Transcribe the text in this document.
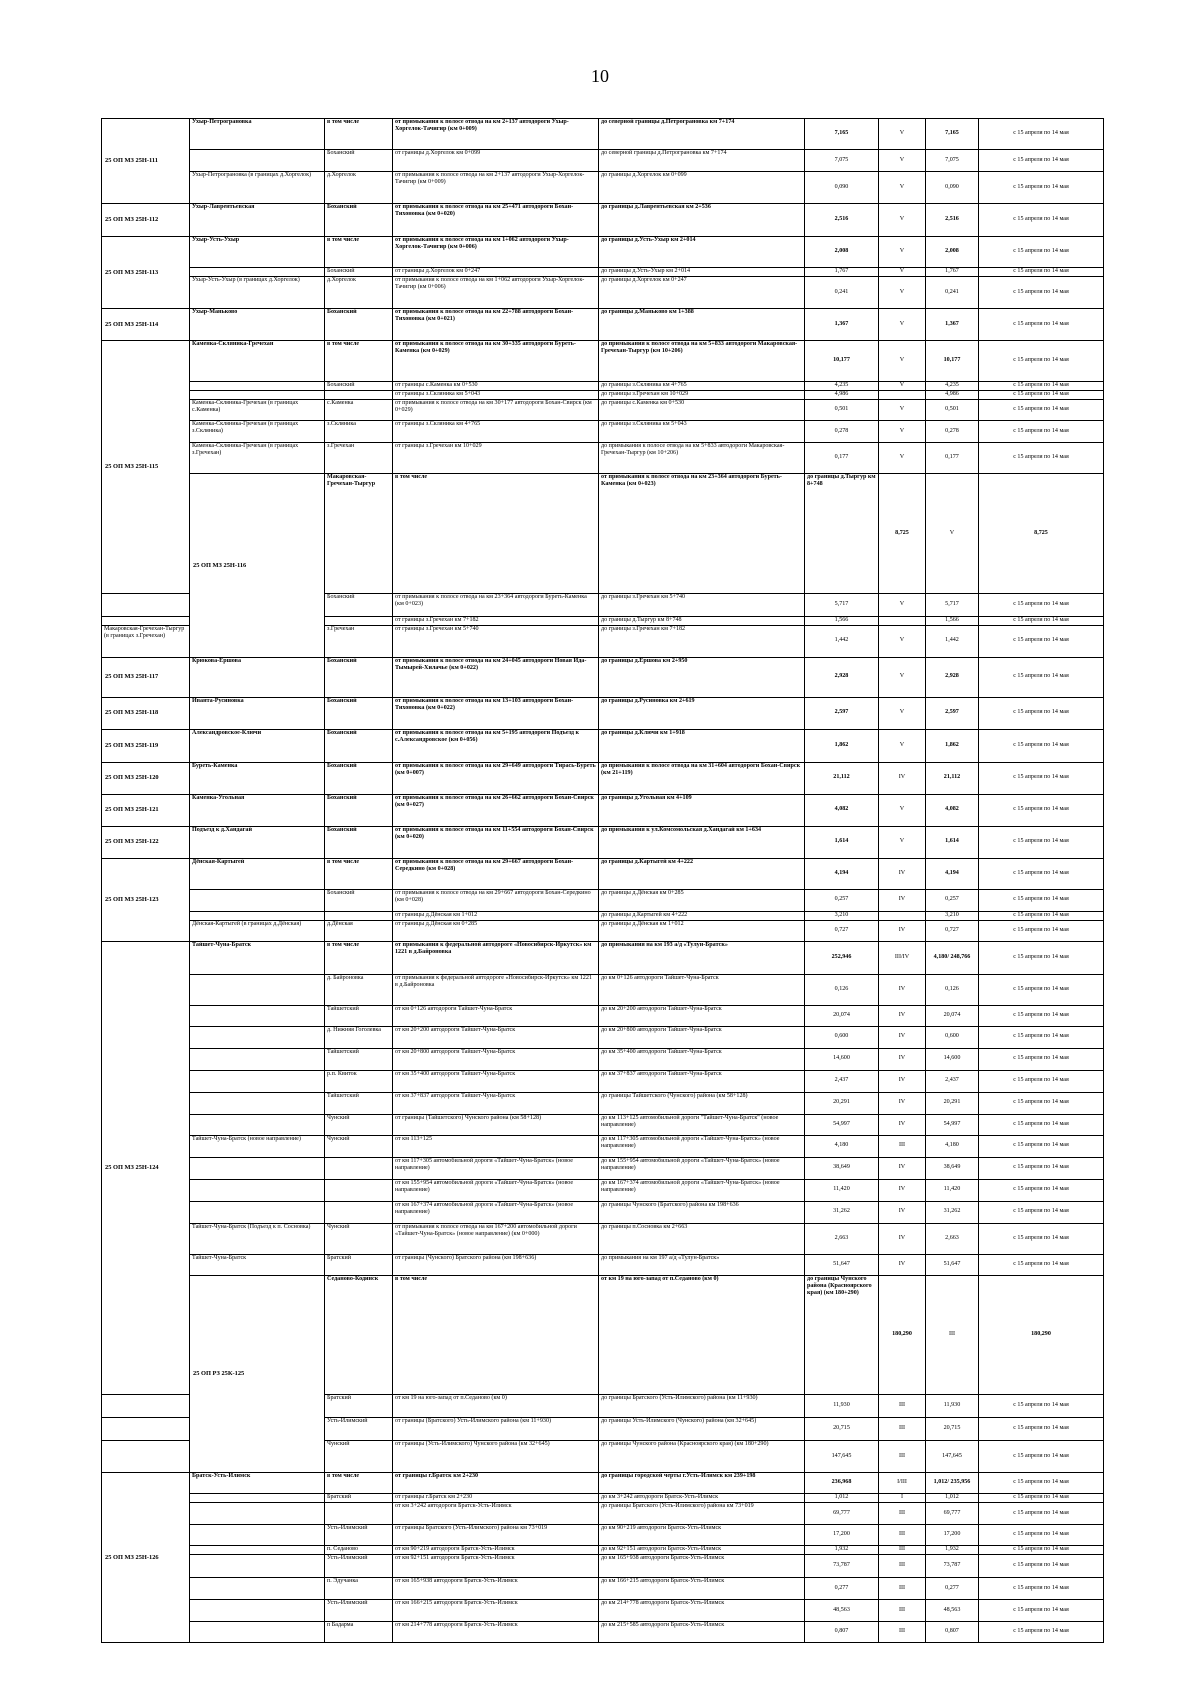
10
25 ОП МЗ 25Н-111	Ухыр-Петрограновка	в том числе	от примыкания к полосе отвода на км 2+137 автодороги Ухыр-Хоргелок-Тачигир (км 0+009)	до северной границы д.Петрограновка км 7+174	7,165	V	7,165	с 15 апреля по 14 мая	
		Боханский	от границы д.Хоргелок км 0+099	до северной границы д.Петрограновка км 7+174	7,075	V	7,075	с 15 апреля по 14 мая	
	Ухыр-Петрограновка (в границах д.Хоргелок)	д.Хоргелок	от примыкания к полосе отвода на км 2+137 автодороги Ухыр-Хоргелок-Тачигир (км 0+009)	до границы д.Хоргелок км 0+099	0,090	V	0,090	с 15 апреля по 14 мая	
25 ОП МЗ 25Н-112	Ухыр-Лаврентьевская	Боханский	от примыкания к полосе отвода на км 25+471 автодороги Бохан-Тихоновка (км 0+020)	до границы д.Лаврентьевская км 2+536	2,516	V	2,516	с 15 апреля по 14 мая	
25 ОП МЗ 25Н-113	Ухыр-Усть-Ухыр	в том числе	от примыкания к полосе отвода на км 1+062 автодороги Ухыр-Хоргелок-Тачигир (км 0+006)	до границы д.Усть-Ухыр км 2+014	2,008	V	2,008	с 15 апреля по 14 мая	
		Боханский	от границы д.Хоргелок км 0+247	до границы д.Усть-Ухыр км 2+014	1,767	V	1,767	с 15 апреля по 14 мая	
	Ухыр-Усть-Ухыр (в границах д.Хоргелок)	д.Хоргелок	от примыкания к полосе отвода на км 1+062 автодороги Ухыр-Хоргелок-Тачигир (км 0+006)	до границы д.Хоргелок км 0+247	0,241	V	0,241	с 15 апреля по 14 мая	
25 ОП МЗ 25Н-114	Ухыр-Маньково	Боханский	от примыкания к полосе отвода на км 22+788 автодороги Бохан-Тихоновка (км 0+021)	до границы д.Маньково км 1+388	1,367	V	1,367	с 15 апреля по 14 мая	
25 ОП МЗ 25Н-115	Каменка-Скляника-Гречехан	в том числе	от примыкания к полосе отвода на км 30+335 автодороги Буреть-Каменка (км 0+029)	до примыкания к полосе отвода на км 5+833 автодороги Макаровская-Гречехан-Тыргур (км 10+206)	10,177	V	10,177	с 15 апреля по 14 мая	
		Боханский	от границы с.Каменка км 0+530	до границы з.Скляника км 4+765	4,235	V	4,235	с 15 апреля по 14 мая	
			от границы з.Скляника км 5+043	до границы з.Гречехан км 10+029	4,986		4,986	с 15 апреля по 14 мая	
	Каменка-Скляника-Гречехан (в границах с.Каменка)	с.Каменка	от примыкания к полосе отвода на км 30+177 автодороги Бохан-Свирск (км 0+029)	до границы с.Каменка км 0+530	0,501	V	0,501	с 15 апреля по 14 мая	
	Каменка-Скляника-Гречехан (в границах з.Скляника)	з.Скляника	от границы з.Скляника км 4+765	до границы з.Скляника км 5+043	0,278	V	0,278	с 15 апреля по 14 мая	
	Каменка-Скляника-Гречехан (в границах з.Гречехан)	з.Гречехан	от границы з.Гречехан км 10+029	до примыкания к полосе отвода на км 5+833 автодороги Макаровская-Гречехан-Тыргур (км 10+206)	0,177	V	0,177	с 15 апреля по 14 мая	
	25 ОП МЗ 25Н-116	Макаровская-Гречехан-Тыргур	в том числе	от примыкания к полосе отвода на км 23+364 автодороги Буреть-Каменка (км 0+023)	до границы д.Тыргур км 8+748	8,725	V	8,725	
		Боханский	от примыкания к полосе отвода на км 23+364 автодороги Буреть-Каменка (км 0+023)	до границы з.Гречехан км 5+740	5,717	V	5,717	с 15 апреля по 14 мая	
			от границы з.Гречехан км 7+182	до границы д.Тыргур км 8+748	1,566		1,566	с 15 апреля по 14 мая	
Макаровская-Гречехан-Тыргур (в границах з.Гречехан)		з.Гречехан	от границы з.Гречехан км 5+740	до границы з.Гречехан км 7+182	1,442	V	1,442	с 15 апреля по 14 мая	
25 ОП МЗ 25Н-117	Крюкова-Ершова	Боханский	от примыкания к полосе отвода на км 24+045 автодороги Новая Ида-Тымырей-Хилачье (км 0+022)	до границы д.Ершова км 2+950	2,928	V	2,928	с 15 апреля по 14 мая	
25 ОП МЗ 25Н-118	Иванта-Русиновка	Боханский	от примыкания к полосе отвода на км 13+103 автодороги Бохан-Тихоновка (км 0+022)	до границы д.Русиновка км 2+619	2,597	V	2,597	с 15 апреля по 14 мая	
25 ОП МЗ 25Н-119	Александровское-Ключи	Боханский	от примыкания к полосе отвода на км 5+195 автодороги Подъезд к с.Александровское (км 0+056)	до границы д.Ключи км 1+918	1,862	V	1,862	с 15 апреля по 14 мая	
25 ОП МЗ 25Н-120	Буреть-Каменка	Боханский	от примыкания к полосе отвода на км 29+649 автодороги Тирась-Буреть (км 0+007)	до примыкания к полосе отвода на км 31+604 автодороги Бохан-Свирск (км 21+119)	21,112	IV	21,112	с 15 апреля по 14 мая	
25 ОП МЗ 25Н-121	Каменка-Угольная	Боханский	от примыкания к полосе отвода на км 26+662 автодороги Бохан-Свирск (км 0+027)	до границы д.Угольная км 4+109	4,082	V	4,082	с 15 апреля по 14 мая	
25 ОП МЗ 25Н-122	Подъезд к д.Хандагай	Боханский	от примыкания к полосе отвода на км 11+554 автодороги Бохан-Свирск (км 0+020)	до примыкания к ул.Комсомольская д.Хандагай км 1+634	1,614	V	1,614	с 15 апреля по 14 мая	
25 ОП МЗ 25Н-123	Дёнская-Картыгей	в том числе	от примыкания к полосе отвода на км 29+667 автодороги Бохан-Середкино (км 0+028)	до границы д.Картыгей км 4+222	4,194	IV	4,194	с 15 апреля по 14 мая	
		Боханский	от примыкания к полосе отвода на км 29+667 автодороги Бохан-Середкино (км 0+028)	до границы д.Дёнская км 0+285	0,257	IV	0,257	с 15 апреля по 14 мая	
			от границы д.Дёнская км 1+012	до границы д.Картыгей км 4+222	3,210		3,210	с 15 апреля по 14 мая	
	Дёнская-Картыгей (в границах д.Дёнская)	д.Дёнская	от границы д.Дёнская км 0+285	до границы д.Дёнская км 1+012	0,727	IV	0,727	с 15 апреля по 14 мая	
25 ОП МЗ 25Н-124	Тайшет-Чуна-Братск	в том числе	от примыкания к федеральной автодороге «Новосибирск-Иркутск» км 1221 в д.Байроновка	до примыкания на км 193 а/д «Тулун-Братск»	252,946	III/IV	4,180/ 248,766	с 15 апреля по 14 мая	
		д. Байроновка	от примыкания к федеральной автодороге «Новосибирск-Иркутск» км 1221 в д.Байроновка	до км 0+126 автодороги Тайшет-Чуна-Братск	0,126	IV	0,126	с 15 апреля по 14 мая	
		Тайшетский	от км 0+126 автодороги Тайшет-Чуна-Братск	до км 20+200 автодороги Тайшет-Чуна-Братск	20,074	IV	20,074	с 15 апреля по 14 мая	
		д. Нижняя Гоголевка	от км 20+200 автодороги Тайшет-Чуна-Братск	до км 20+800 автодороги Тайшет-Чуна-Братск	0,600	IV	0,600	с 15 апреля по 14 мая	
		Тайшетский	от км 20+800 автодороги Тайшет-Чуна-Братск	до км 35+400 автодороги Тайшет-Чуна-Братск	14,600	IV	14,600	с 15 апреля по 14 мая	
		р.п. Квиток	от км 35+400 автодороги Тайшет-Чуна-Братск	до км 37+837 автодороги Тайшет-Чуна-Братск	2,437	IV	2,437	с 15 апреля по 14 мая	
		Тайшетский	от км 37+837 автодороги Тайшет-Чуна-Братск	до границы Тайшетского (Чунского) района (км 58+128)	20,291	IV	20,291	с 15 апреля по 14 мая	
		Чунский	от границы (Тайшетского) Чунского района (км 58+128)	до км 113+125 автомобильной дороги "Тайшет-Чуна-Братск" (новое направление)	54,997	IV	54,997	с 15 апреля по 14 мая	
	Тайшет-Чуна-Братск (новое направление)	Чунский	от км 113+125	до км 117+305 автомобильной дороги «Тайшет-Чуна-Братск» (новое направление)	4,180	III	4,180	с 15 апреля по 14 мая	
			от км 117+305 автомобильной дороги «Тайшет-Чуна-Братск» (новое направление)	до км 155+954 автомобильной дороги «Тайшет-Чуна-Братск» (новое направление)	38,649	IV	38,649	с 15 апреля по 14 мая	
			от км 155+954 автомобильной дороги «Тайшет-Чуна-Братск» (новое направление)	до км 167+374 автомобильной дороги «Тайшет-Чуна-Братск» (новое направление)	11,420	IV	11,420	с 15 апреля по 14 мая	
			от км 167+374 автомобильной дороги «Тайшет-Чуна-Братск» (новое направление)	до границы Чунского (Братского) района км 198+636	31,262	IV	31,262	с 15 апреля по 14 мая	
	Тайшет-Чуна-Братск (Подъезд к п. Сосновка)	Чунский	от примыкания к полосе отвода на км 167+200 автомобильной дороги «Тайшет-Чуна-Братск» (новое направление) (км 0+000)	до границы п.Сосновка км 2+663	2,663	IV	2,663	с 15 апреля по 14 мая	
	Тайшет-Чуна-Братск	Братский	от границы (Чунского) Братского района (км 198+636)	до примыкания на км 197 а/д «Тулун-Братск»	51,647	IV	51,647	с 15 апреля по 14 мая	
	25 ОП РЗ 25К-125	Седаново-Кодинск	в том числе	от км 19 на юго-запад от п.Седаново (км 0)	до границы Чунского района (Красноярского края) (км 180+290)	180,290	III	180,290	
		Братский	от км 19 на юго-запад от п.Седаново (км 0)	до границы Братского (Усть-Илимского) района (км 11+930)	11,930	III	11,930	с 15 апреля по 14 мая	
		Усть-Илимский	от границы (Братского) Усть-Илимского района (км 11+930)	до границы Усть-Илимского (Чунского) района (км 32+645)	20,715	III	20,715	с 15 апреля по 14 мая	
		Чунский	от границы (Усть-Илимского) Чунского района (км 32+645)	до границы Чунского района (Красноярского края) (км 180+290)	147,645	III	147,645	с 15 апреля по 14 мая	
25 ОП МЗ 25Н-126	Братск-Усть-Илимск	в том числе	от границы г.Братск км 2+230	до границы городской черты г.Усть-Илимск км 239+198	236,968	I/III	1,012/ 235,956	с 15 апреля по 14 мая	
		Братский	от границы г.Братск км 2+230	до км 3+242 автодороги Братск-Усть-Илимск	1,012	I	1,012	с 15 апреля по 14 мая	
			от км 3+242 автодороги Братск-Усть-Илимск	до границы Братского (Усть-Илимского) района км 73+019	69,777	III	69,777	с 15 апреля по 14 мая	
		Усть-Илимский	от границы Братского (Усть-Илимского) района км 73+019	до км 90+219 автодороги Братск-Усть-Илимск	17,200	III	17,200	с 15 апреля по 14 мая	
		п. Седаново	от км 90+219 автодороги Братск-Усть-Илимск	до км 92+151 автодороги Братск-Усть-Илимск	1,932	III	1,932	с 15 апреля по 14 мая	
		Усть-Илимский	от км 92+151 автодороги Братск-Усть-Илимск	до км 165+938 автодороги Братск-Усть-Илимск	73,787	III	73,787	с 15 апреля по 14 мая	
		п. Эдучанка	от км 165+938 автодороги Братск-Усть-Илимск	до км 166+215 автодороги Братск-Усть-Илимск	0,277	III	0,277	с 15 апреля по 14 мая	
		Усть-Илимский	от км 166+215 автодороги Братск-Усть-Илимск	до км 214+778 автодороги Братск-Усть-Илимск	48,563	III	48,563	с 15 апреля по 14 мая	
		п Бадарма	от км 214+778 автодороги Братск-Усть-Илимск	до км 215+585 автодороги Братск-Усть-Илимск	0,807	III	0,807	с 15 апреля по 14 мая	
